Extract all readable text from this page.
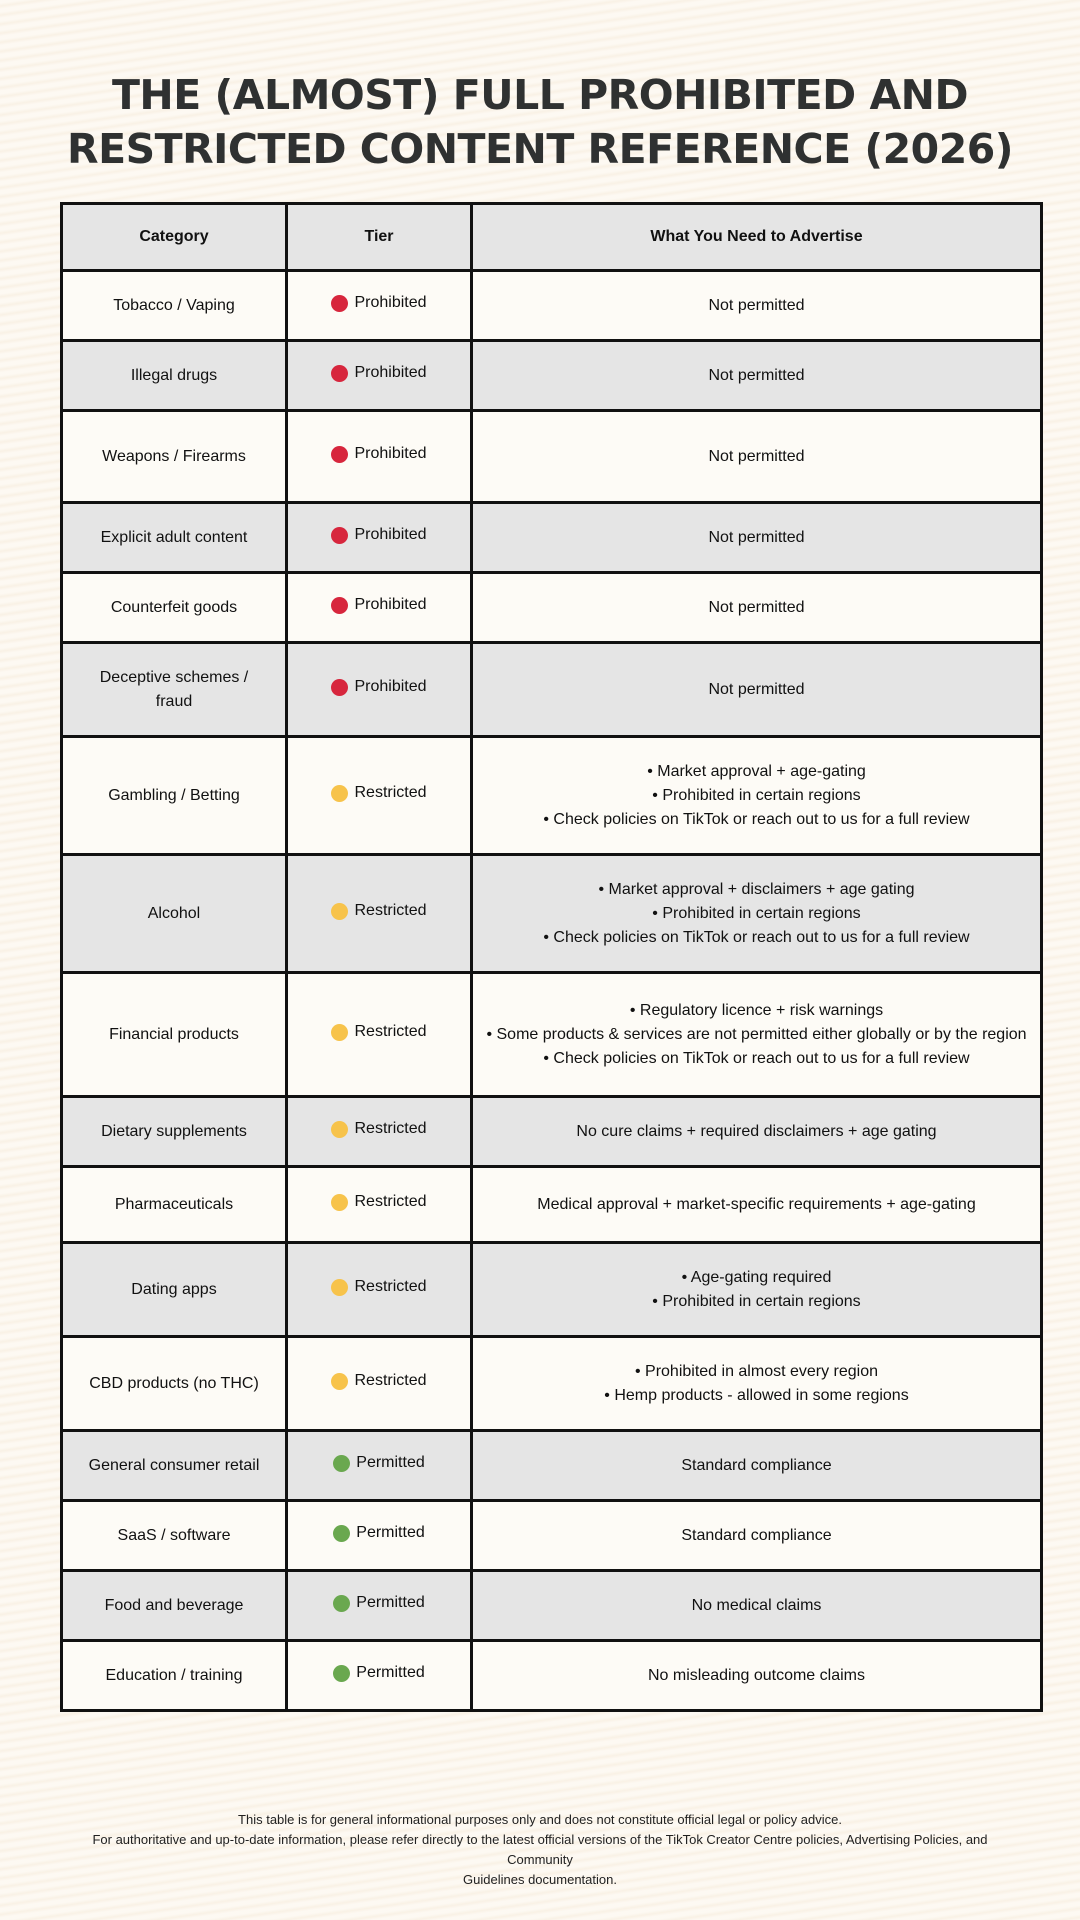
THE (ALMOST) FULL PROHIBITED AND
RESTRICTED CONTENT REFERENCE (2026)
Category	Tier	What You Need to Advertise

Tobacco / Vaping	Prohibited	Not permitted

Illegal drugs	Prohibited	Not permitted

Weapons / Firearms	Prohibited	Not permitted

Explicit adult content	Prohibited	Not permitted

Counterfeit goods	Prohibited	Not permitted

Deceptive schemes /
fraud	Prohibited	Not permitted

Gambling / Betting	Restricted	• Market approval + age-gating
• Prohibited in certain regions
• Check policies on TikTok or reach out to us for a full review

Alcohol	Restricted	• Market approval + disclaimers + age gating
• Prohibited in certain regions
• Check policies on TikTok or reach out to us for a full review

Financial products	Restricted	• Regulatory licence + risk warnings
• Some products & services are not permitted either globally or by the region
• Check policies on TikTok or reach out to us for a full review

Dietary supplements	Restricted	No cure claims + required disclaimers + age gating

Pharmaceuticals	Restricted	Medical approval + market-specific requirements + age-gating

Dating apps	Restricted	• Age-gating required
• Prohibited in certain regions

CBD products (no THC)	Restricted	• Prohibited in almost every region
• Hemp products - allowed in some regions

General consumer retail	Permitted	Standard compliance

SaaS / software	Permitted	Standard compliance

Food and beverage	Permitted	No medical claims

Education / training	Permitted	No misleading outcome claims
This table is for general informational purposes only and does not constitute official legal or policy advice.
For authoritative and up-to-date information, please refer directly to the latest official versions of the TikTok Creator Centre policies, Advertising Policies, and Community
Guidelines documentation.
